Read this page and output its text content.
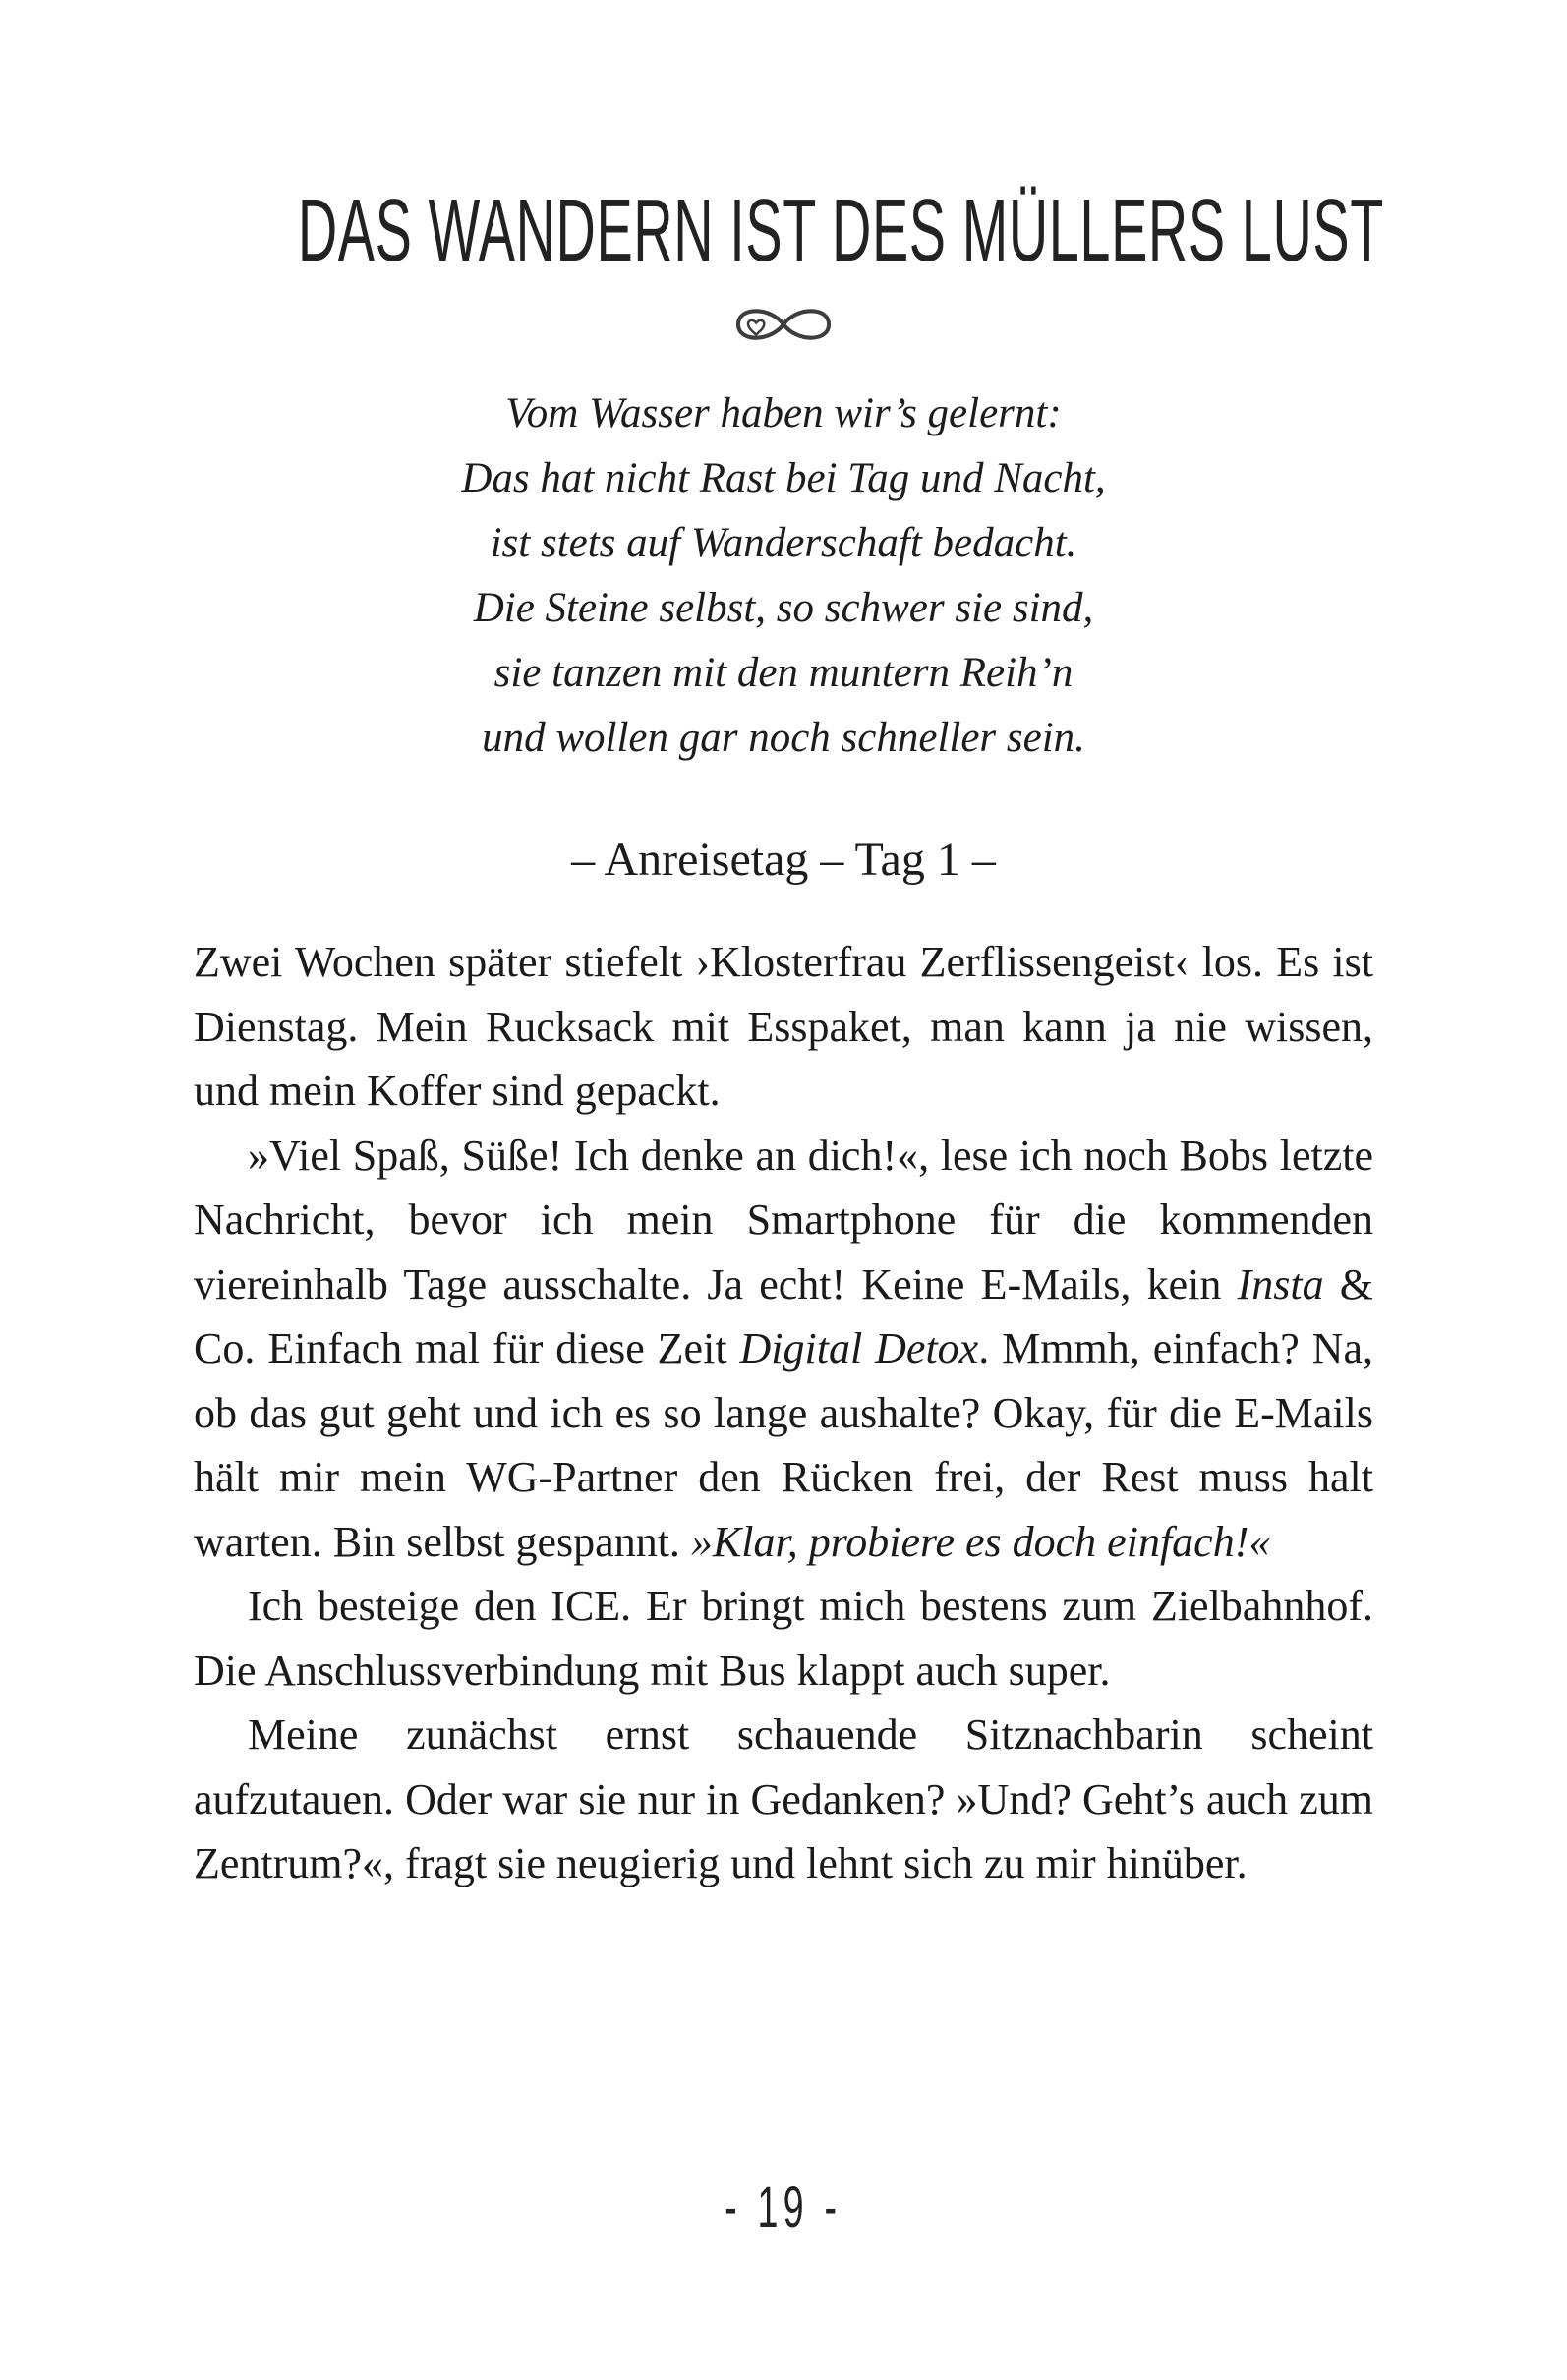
DAS WANDERN IST DES MÜLLERS LUST
Vom Wasser haben wir’s gelernt:
Das hat nicht Rast bei Tag und Nacht,
ist stets auf Wanderschaft bedacht.
Die Steine selbst, so schwer sie sind,
sie tanzen mit den muntern Reih’n
und wollen gar noch schneller sein.
– Anreisetag – Tag 1 –

Zwei Wochen später stiefelt ›Klosterfrau Zerflissengeist‹ los. Es ist Dienstag. Mein Rucksack mit Esspaket, man kann ja nie wissen, und mein Koffer sind gepackt.

»Viel Spaß, Süße! Ich denke an dich!«, lese ich noch Bobs letzte Nachricht, bevor ich mein Smartphone für die kommenden viereinhalb Tage ausschalte. Ja echt! Keine E-Mails, kein Insta & Co. Einfach mal für diese Zeit Digital Detox. Mmmh, einfach? Na, ob das gut geht und ich es so lange aushalte? Okay, für die E-Mails hält mir mein WG-Partner den Rücken frei, der Rest muss halt warten. Bin selbst gespannt. »Klar, probiere es doch einfach!«

Ich besteige den ICE. Er bringt mich bestens zum Zielbahnhof. Die Anschlussverbindung mit Bus klappt auch super.

Meine zunächst ernst schauende Sitznachbarin scheint aufzutauen. Oder war sie nur in Gedanken? »Und? Geht’s auch zum Zentrum?«, fragt sie neugierig und lehnt sich zu mir hinüber.

- 19 -
